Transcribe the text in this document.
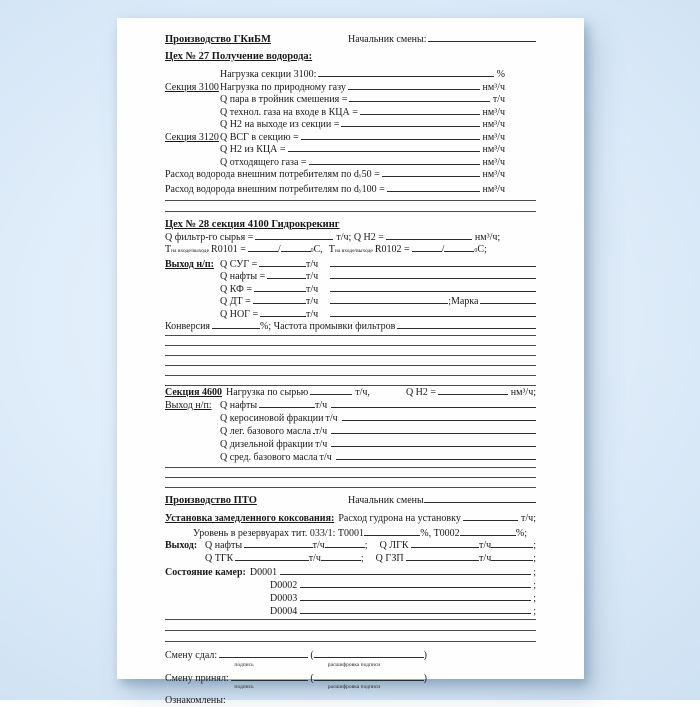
Производство ГКиБМ	Начальник смены:
Цех № 27 Получение водорода:
Нагрузка секции 3100:	%
Секция 3100 Нагрузка по природному газу	нм³/ч
Q пара в тройник смешения =	т/ч
Q технол. газа на входе в КЦА =	нм³/ч
Q Н2 на выходе из секции =	нм³/ч
Секция 3120 Q ВСГ в секцию =	нм³/ч
Q Н2 из КЦА =	нм³/ч
Q отходящего газа =	нм³/ч
Расход водорода внешним потребителям по $d_у$ 50 =	нм³/ч
Расход водорода внешним потребителям по $d_у$ 100 =	нм³/ч
Цех № 28 секция 4100 Гидрокрекинг
Q фильтр-го сырья =	т/ч; Q Н2 =	нм³/ч;
$Т_{на входе/выходе}$ R0101 =	/	$_0$ С, $Т_{на входе/выходе}$ R0102 =	/	$_0$ С;
Выход н/п: Q СУГ =	т/ч
Q нафты =	т/ч
Q КФ =	т/ч
Q ДТ =	т/ч	;Марка
Q НОГ =	т/ч
Конверсия	%; Частота промывки фильтров
Секция 4600 Нагрузка по сырью	т/ч,	Q Н2 =	нм³/ч;
Выход н/п: Q нафты	т/ч
Q керосиновой фракции т/ч
Q лег. базового масла т/ч
Q дизельной фракции т/ч
Q сред. базового масла т/ч
Производство ПТО	Начальник смены
Установка замедленного коксования: Расход гудрона на установку	т/ч;
Уровень в резервуарах тит. 033/1: Т0001	%, Т0002	%;
Выход: Q нафты	т/ч	; Q ЛГК	т/ч	;
Q ТГК	т/ч	; Q ГЗП	т/ч	;
Состояние камер: D0001	;
D0002	;
D0003	;
D0004	;
Смену сдал:	(	)
подпись	расшифровка подписи
Смену принял:	(	)
подпись	расшифровка подписи
Ознакомлены:
